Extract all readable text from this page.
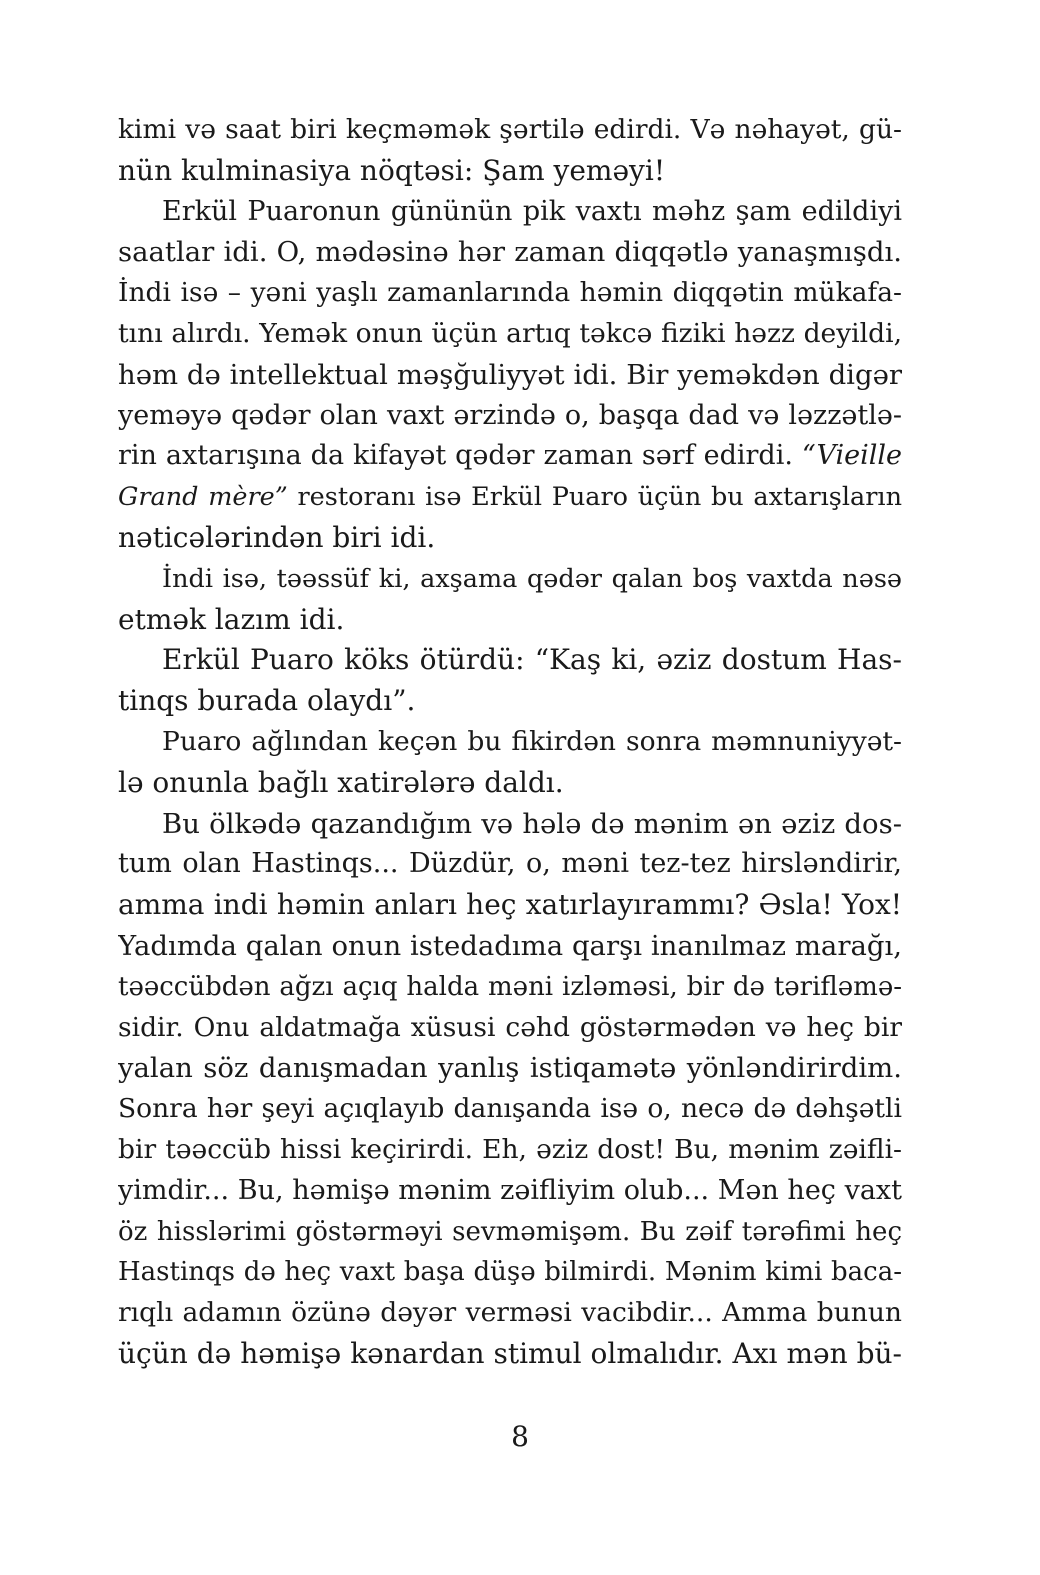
kimi və saat biri keçməmək şərtilə edirdi. Və nəhayət, gü-
nün kulminasiya nöqtəsi: Şam yeməyi!
Erkül Puaronun gününün pik vaxtı məhz şam edildiyi
saatlar idi. O, mədəsinə hər zaman diqqətlə yanaşmışdı.
İndi isə – yəni yaşlı zamanlarında həmin diqqətin mükafa-
tını alırdı. Yemək onun üçün artıq təkcə fiziki həzz deyildi,
həm də intellektual məşğuliyyət idi. Bir yeməkdən digər
yeməyə qədər olan vaxt ərzində o, başqa dad və ləzzətlə-
rin axtarışına da kifayət qədər zaman sərf edirdi. “Vieille
Grand mère” restoranı isə Erkül Puaro üçün bu axtarışların
nəticələrindən biri idi.
İndi isə, təəssüf ki, axşama qədər qalan boş vaxtda nəsə
etmək lazım idi.
Erkül Puaro köks ötürdü: “Kaş ki, əziz dostum Has-
tinqs burada olaydı”.
Puaro ağlından keçən bu fikirdən sonra məmnuniyyət-
lə onunla bağlı xatirələrə daldı.
Bu ölkədə qazandığım və hələ də mənim ən əziz dos-
tum olan Hastinqs... Düzdür, o, məni tez-tez hirsləndirir,
amma indi həmin anları heç xatırlayırammı? Əsla! Yox!
Yadımda qalan onun istedadıma qarşı inanılmaz marağı,
təəccübdən ağzı açıq halda məni izləməsi, bir də tərifləmə-
sidir. Onu aldatmağa xüsusi cəhd göstərmədən və heç bir
yalan söz danışmadan yanlış istiqamətə yönləndirirdim.
Sonra hər şeyi açıqlayıb danışanda isə o, necə də dəhşətli
bir təəccüb hissi keçirirdi. Eh, əziz dost! Bu, mənim zəifli-
yimdir... Bu, həmişə mənim zəifliyim olub... Mən heç vaxt
öz hisslərimi göstərməyi sevməmişəm. Bu zəif tərəfimi heç
Hastinqs də heç vaxt başa düşə bilmirdi. Mənim kimi baca-
rıqlı adamın özünə dəyər verməsi vacibdir... Amma bunun
üçün də həmişə kənardan stimul olmalıdır. Axı mən bü-
8
